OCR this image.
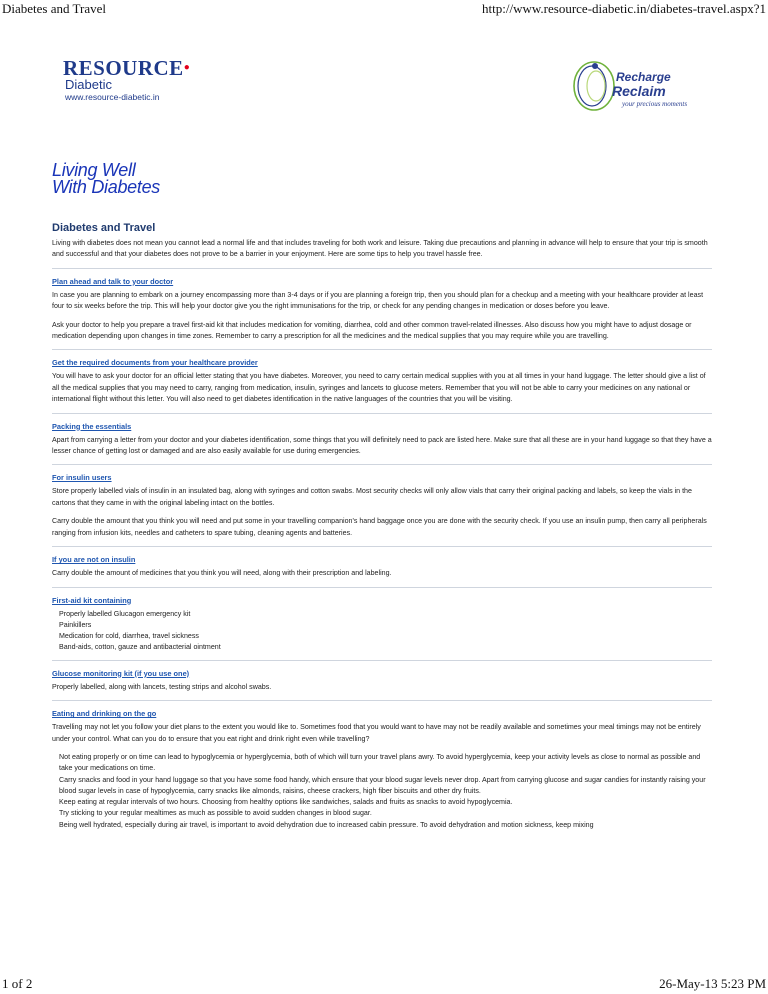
Diabetes and Travel	http://www.resource-diabetic.in/diabetes-travel.aspx?1
RESOURCE●
Diabetic
www.resource-diabetic.in
Recharge
Reclaim
your precious moments
Living Well
With Diabetes
Diabetes and Travel

Living with diabetes does not mean you cannot lead a normal life and that includes traveling for both work and leisure. Taking due precautions and planning in advance will help to ensure that your trip is smooth and successful and that your diabetes does not prove to be a barrier in your enjoyment. Here are some tips to help you travel hassle free.

Plan ahead and talk to your doctor

In case you are planning to embark on a journey encompassing more than 3-4 days or if you are planning a foreign trip, then you should plan for a checkup and a meeting with your healthcare provider at least four to six weeks before the trip. This will help your doctor give you the right immunisations for the trip, or check for any pending changes in medication or doses before you leave.

Ask your doctor to help you prepare a travel first-aid kit that includes medication for vomiting, diarrhea, cold and other common travel-related illnesses. Also discuss how you might have to adjust dosage or medication depending upon changes in time zones. Remember to carry a prescription for all the medicines and the medical supplies that you may require while you are travelling.

Get the required documents from your healthcare provider

You will have to ask your doctor for an official letter stating that you have diabetes. Moreover, you need to carry certain medical supplies with you at all times in your hand luggage. The letter should give a list of all the medical supplies that you may need to carry, ranging from medication, insulin, syringes and lancets to glucose meters. Remember that you will not be able to carry your medicines on any national or international flight without this letter. You will also need to get diabetes identification in the native languages of the countries that you will be visiting.

Packing the essentials

Apart from carrying a letter from your doctor and your diabetes identification, some things that you will definitely need to pack are listed here. Make sure that all these are in your hand luggage so that they have a lesser chance of getting lost or damaged and are also easily available for use during emergencies.

For insulin users

Store properly labelled vials of insulin in an insulated bag, along with syringes and cotton swabs. Most security checks will only allow vials that carry their original packing and labels, so keep the vials in the cartons that they came in with the original labeling intact on the bottles.

Carry double the amount that you think you will need and put some in your travelling companion's hand baggage once you are done with the security check. If you use an insulin pump, then carry all peripherals ranging from infusion kits, needles and catheters to spare tubing, cleaning agents and batteries.

If you are not on insulin

Carry double the amount of medicines that you think you will need, along with their prescription and labeling.

First-aid kit containing
Properly labelled Glucagon emergency kit
Painkillers
Medication for cold, diarrhea, travel sickness
Band-aids, cotton, gauze and antibacterial ointment
Glucose monitoring kit (if you use one)

Properly labelled, along with lancets, testing strips and alcohol swabs.

Eating and drinking on the go

Travelling may not let you follow your diet plans to the extent you would like to. Sometimes food that you would want to have may not be readily available and sometimes your meal timings may not be entirely under your control. What can you do to ensure that you eat right and drink right even while travelling?

Not eating properly or on time can lead to hypoglycemia or hyperglycemia, both of which will turn your travel plans awry. To avoid hyperglycemia, keep your activity levels as close to normal as possible and take your medications on time.
Carry snacks and food in your hand luggage so that you have some food handy, which ensure that your blood sugar levels never drop. Apart from carrying glucose and sugar candies for instantly raising your blood sugar levels in case of hypoglycemia, carry snacks like almonds, raisins, cheese crackers, high fiber biscuits and other dry fruits.
Keep eating at regular intervals of two hours. Choosing from healthy options like sandwiches, salads and fruits as snacks to avoid hypoglycemia.
Try sticking to your regular mealtimes as much as possible to avoid sudden changes in blood sugar.
Being well hydrated, especially during air travel, is important to avoid dehydration due to increased cabin pressure. To avoid dehydration and motion sickness, keep mixing
1 of 2	26-May-13 5:23 PM
